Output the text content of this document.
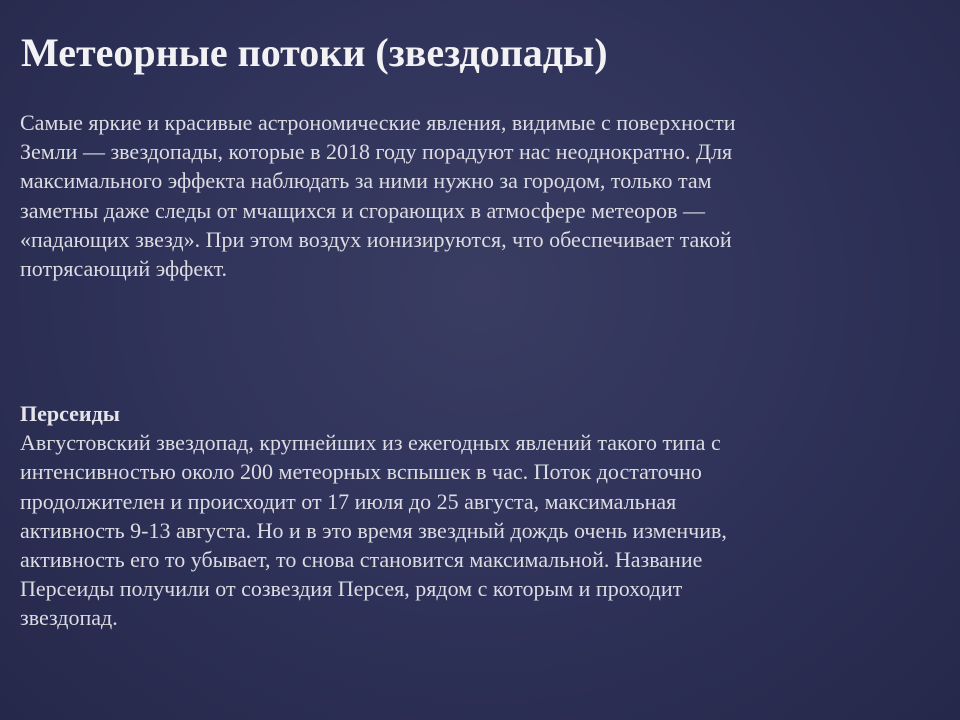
Метеорные потоки (звездопады)

Самые яркие и красивые астрономические явления, видимые с поверхности
Земли — звездопады, которые в 2018 году порадуют нас неоднократно. Для
максимального эффекта наблюдать за ними нужно за городом, только там
заметны даже следы от мчащихся и сгорающих в атмосфере метеоров —
«падающих звезд». При этом воздух ионизируются, что обеспечивает такой
потрясающий эффект.

Персеиды

Августовский звездопад, крупнейших из ежегодных явлений такого типа с
интенсивностью около 200 метеорных вспышек в час. Поток достаточно
продолжителен и происходит от 17 июля до 25 августа, максимальная
активность 9-13 августа. Но и в это время звездный дождь очень изменчив,
активность его то убывает, то снова становится максимальной. Название
Персеиды получили от созвездия Персея, рядом с которым и проходит
звездопад.
